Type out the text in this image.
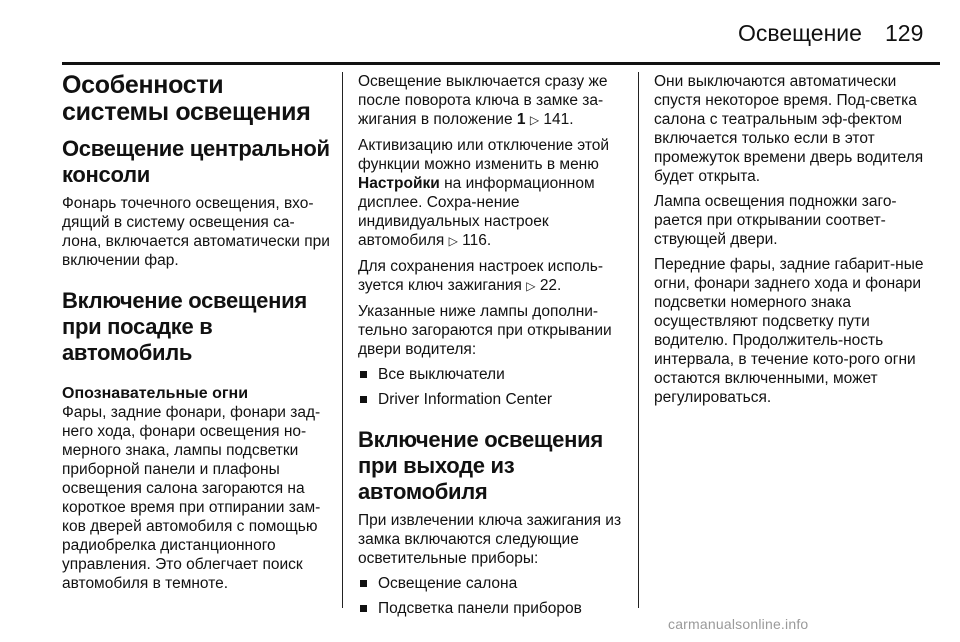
Освещение 129
Особенности системы освещения
Освещение центральной консоли

Фонарь точечного освещения, вхо-дящий в систему освещения са-лона, включается автоматически при включении фар.

Включение освещения при посадке в автомобиль
Опознавательные огни

Фары, задние фонари, фонари зад-него хода, фонари освещения но-мерного знака, лампы подсветки приборной панели и плафоны освещения салона загораются на короткое время при отпирании зам-ков дверей автомобиля с помощью радиобрелка дистанционного управления. Это облегчает поиск автомобиля в темноте.

Освещение выключается сразу же после поворота ключа в замке за-жигания в положение 1 ▷ 141.

Активизацию или отключение этой функции можно изменить в меню Настройки на информационном дисплее. Сохра-нение индивидуальных настроек автомобиля ▷ 116.

Для сохранения настроек исполь-зуется ключ зажигания ▷ 22.

Указанные ниже лампы дополни-тельно загораются при открывании двери водителя:

Все выключатели
Driver Information Center
Включение освещения при выходе из автомобиля

При извлечении ключа зажигания из замка включаются следующие осветительные приборы:

Освещение салона
Подсветка панели приборов

Они выключаются автоматически спустя некоторое время. Под-светка салона с театральным эф-фектом включается только если в этот промежуток времени дверь водителя будет открыта.

Лампа освещения подножки заго-рается при открывании соответ-ствующей двери.

Передние фары, задние габарит-ные огни, фонари заднего хода и фонари подсветки номерного знака осуществляют подсветку пути водителю. Продолжитель-ность интервала, в течение кото-рого огни остаются включенными, может регулироваться.

carmanualsonline.info
